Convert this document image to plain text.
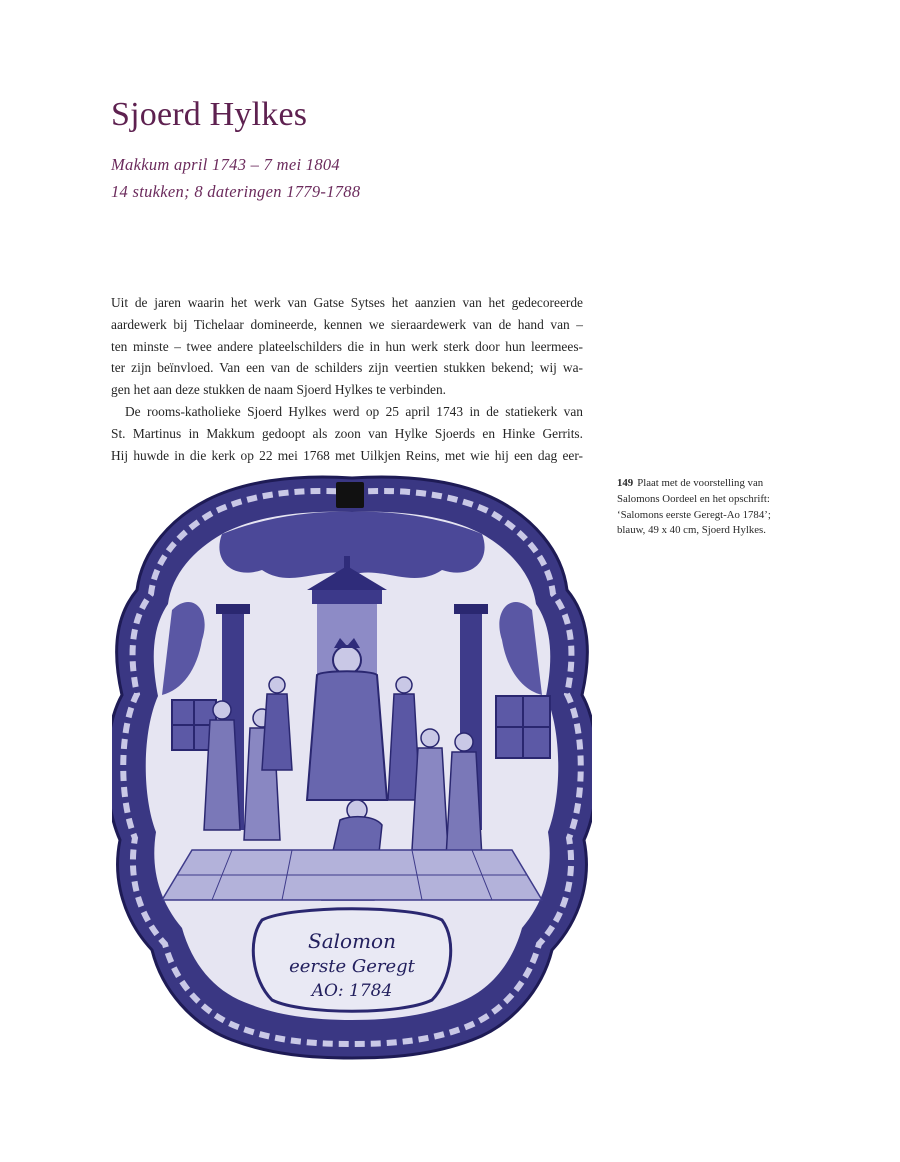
Sjoerd Hylkes

Makkum april 1743 – 7 mei 1804

14 stukken; 8 dateringen 1779-1788

Uit de jaren waarin het werk van Gatse Sytses het aanzien van het gedecoreerde

aardewerk bij Tichelaar domineerde, kennen we sieraardewerk van de hand van –

ten minste – twee andere plateelschilders die in hun werk sterk door hun leermees-

ter zijn beïnvloed. Van een van de schilders zijn veertien stukken bekend; wij wa-

gen het aan deze stukken de naam Sjoerd Hylkes te verbinden.

De rooms-katholieke Sjoerd Hylkes werd op 25 april 1743 in de statiekerk van

St. Martinus in Makkum gedoopt als zoon van Hylke Sjoerds en Hinke Gerrits.

Hij huwde in die kerk op 22 mei 1768 met Uilkjen Reins, met wie hij een dag eer-

149 Plaat met de voorstelling van Salomons Oordeel en het opschrift: ‘Salomons eerste Geregt-Ao 1784’; blauw, 49 x 40 cm, Sjoerd Hylkes.
Salomon
eerste Geregt
AO: 1784
